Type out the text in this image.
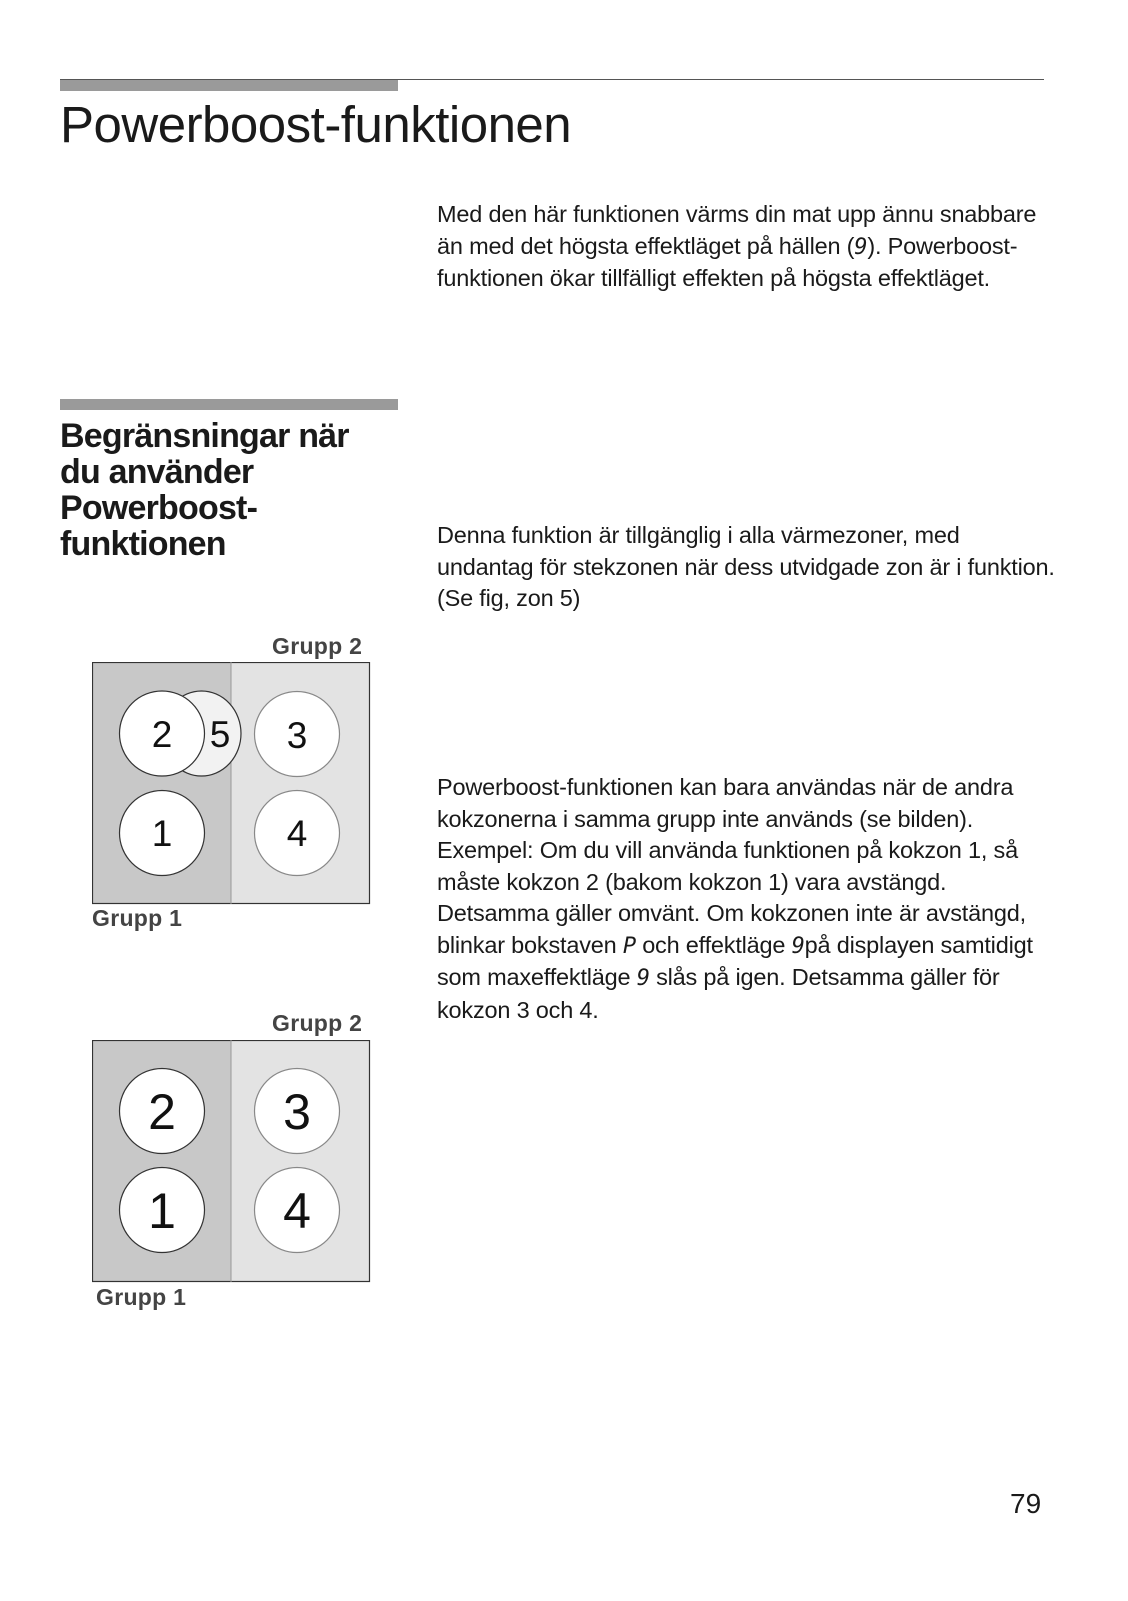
Powerboost-funktionen

Med den här funktionen värms din mat upp ännu snabbare än med det högsta effektläget på hällen (9). Powerboost-funktionen ökar tillfälligt effekten på högsta effektläget.

Begränsningar när du använder Powerboost-funktionen	Denna funktion är tillgänglig i alla värmezoner, med undantag för stekzonen när dess utvidgade zon är i funktion. (Se fig, zon 5)

Powerboost-funktionen kan bara användas när de andra kokzonerna i samma grupp inte används (se bilden).

Exempel: Om du vill använda funktionen på kokzon 1, så måste kokzon 2 (bakom kokzon 1) vara avstängd. Detsamma gäller omvänt. Om kokzonen inte är avstängd, blinkar bokstaven P och effektläge 9på displayen samtidigt som maxeffektläge 9 slås på igen. Detsamma gäller för kokzon 3 och 4.

Grupp 2
2 5 3
1	4
Grupp 1
Grupp 2
2 3
1 4
Grupp 1
79
